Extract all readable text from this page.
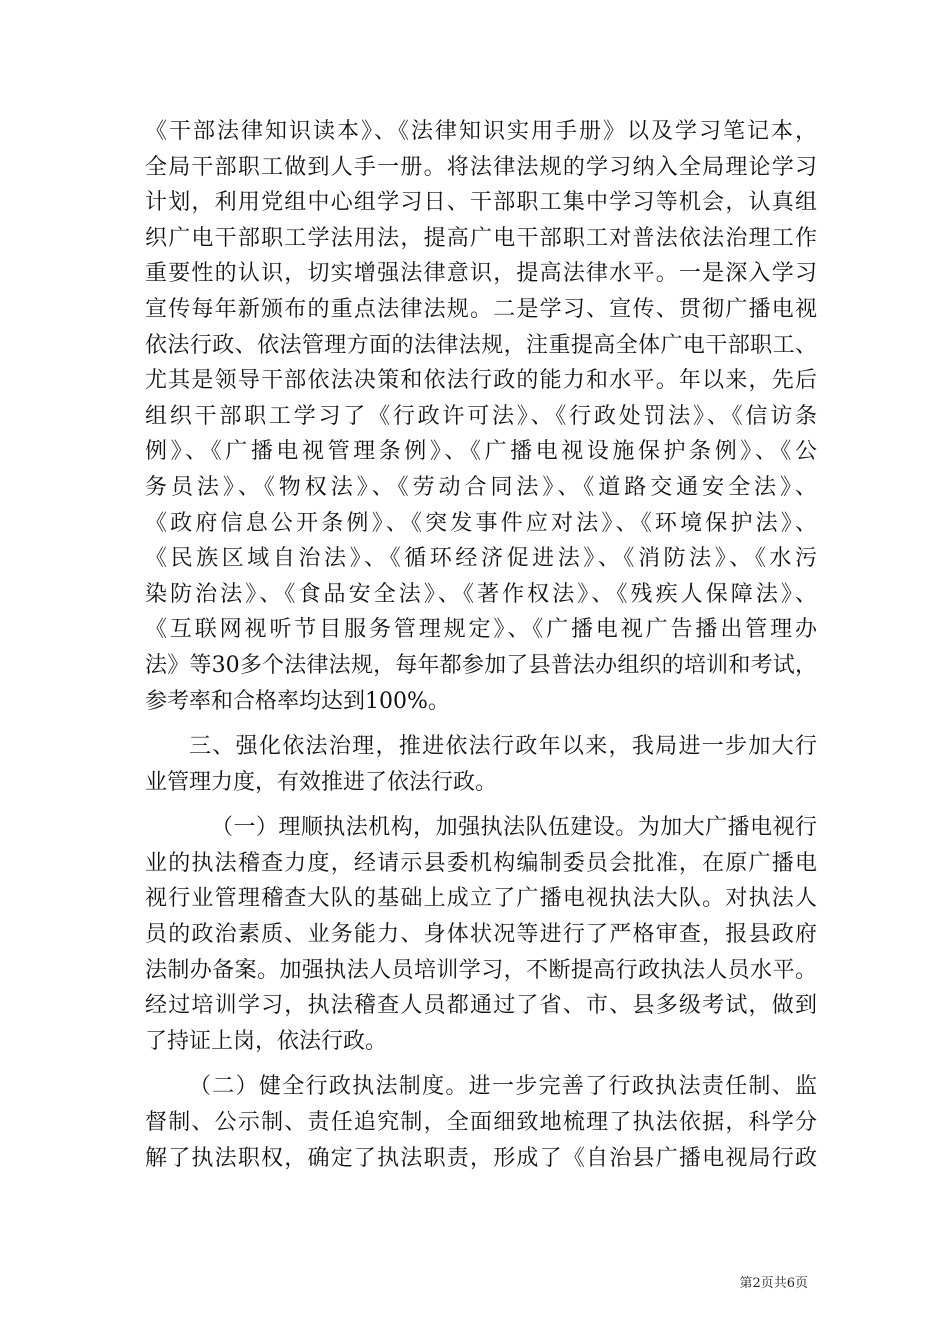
《干部法律知识读本》、《法律知识实用手册》以及学习笔记本，
全局干部职工做到人手一册。将法律法规的学习纳入全局理论学习
计划，利用党组中心组学习日、干部职工集中学习等机会，认真组
织广电干部职工学法用法，提高广电干部职工对普法依法治理工作
重要性的认识，切实增强法律意识，提高法律水平。一是深入学习
宣传每年新颁布的重点法律法规。二是学习、宣传、贯彻广播电视
依法行政、依法管理方面的法律法规，注重提高全体广电干部职工、
尤其是领导干部依法决策和依法行政的能力和水平。年以来，先后
组织干部职工学习了《行政许可法》、《行政处罚法》、《信访条
例》、《广播电视管理条例》、《广播电视设施保护条例》、《公
务员法》、《物权法》、《劳动合同法》、《道路交通安全法》、
《政府信息公开条例》、《突发事件应对法》、《环境保护法》、
《民族区域自治法》、《循环经济促进法》、《消防法》、《水污
染防治法》、《食品安全法》、《著作权法》、《残疾人保障法》、
《互联网视听节目服务管理规定》、《广播电视广告播出管理办
法》等30多个法律法规，每年都参加了县普法办组织的培训和考试，
参考率和合格率均达到100%。
三、强化依法治理，推进依法行政年以来，我局进一步加大行
业管理力度，有效推进了依法行政。
（一）理顺执法机构，加强执法队伍建设。为加大广播电视行
业的执法稽查力度，经请示县委机构编制委员会批准，在原广播电
视行业管理稽查大队的基础上成立了广播电视执法大队。对执法人
员的政治素质、业务能力、身体状况等进行了严格审查，报县政府
法制办备案。加强执法人员培训学习，不断提高行政执法人员水平。
经过培训学习，执法稽查人员都通过了省、市、县多级考试，做到
了持证上岗，依法行政。
（二）健全行政执法制度。进一步完善了行政执法责任制、监
督制、公示制、责任追究制，全面细致地梳理了执法依据，科学分
解了执法职权，确定了执法职责，形成了《自治县广播电视局行政
第2页共6页
